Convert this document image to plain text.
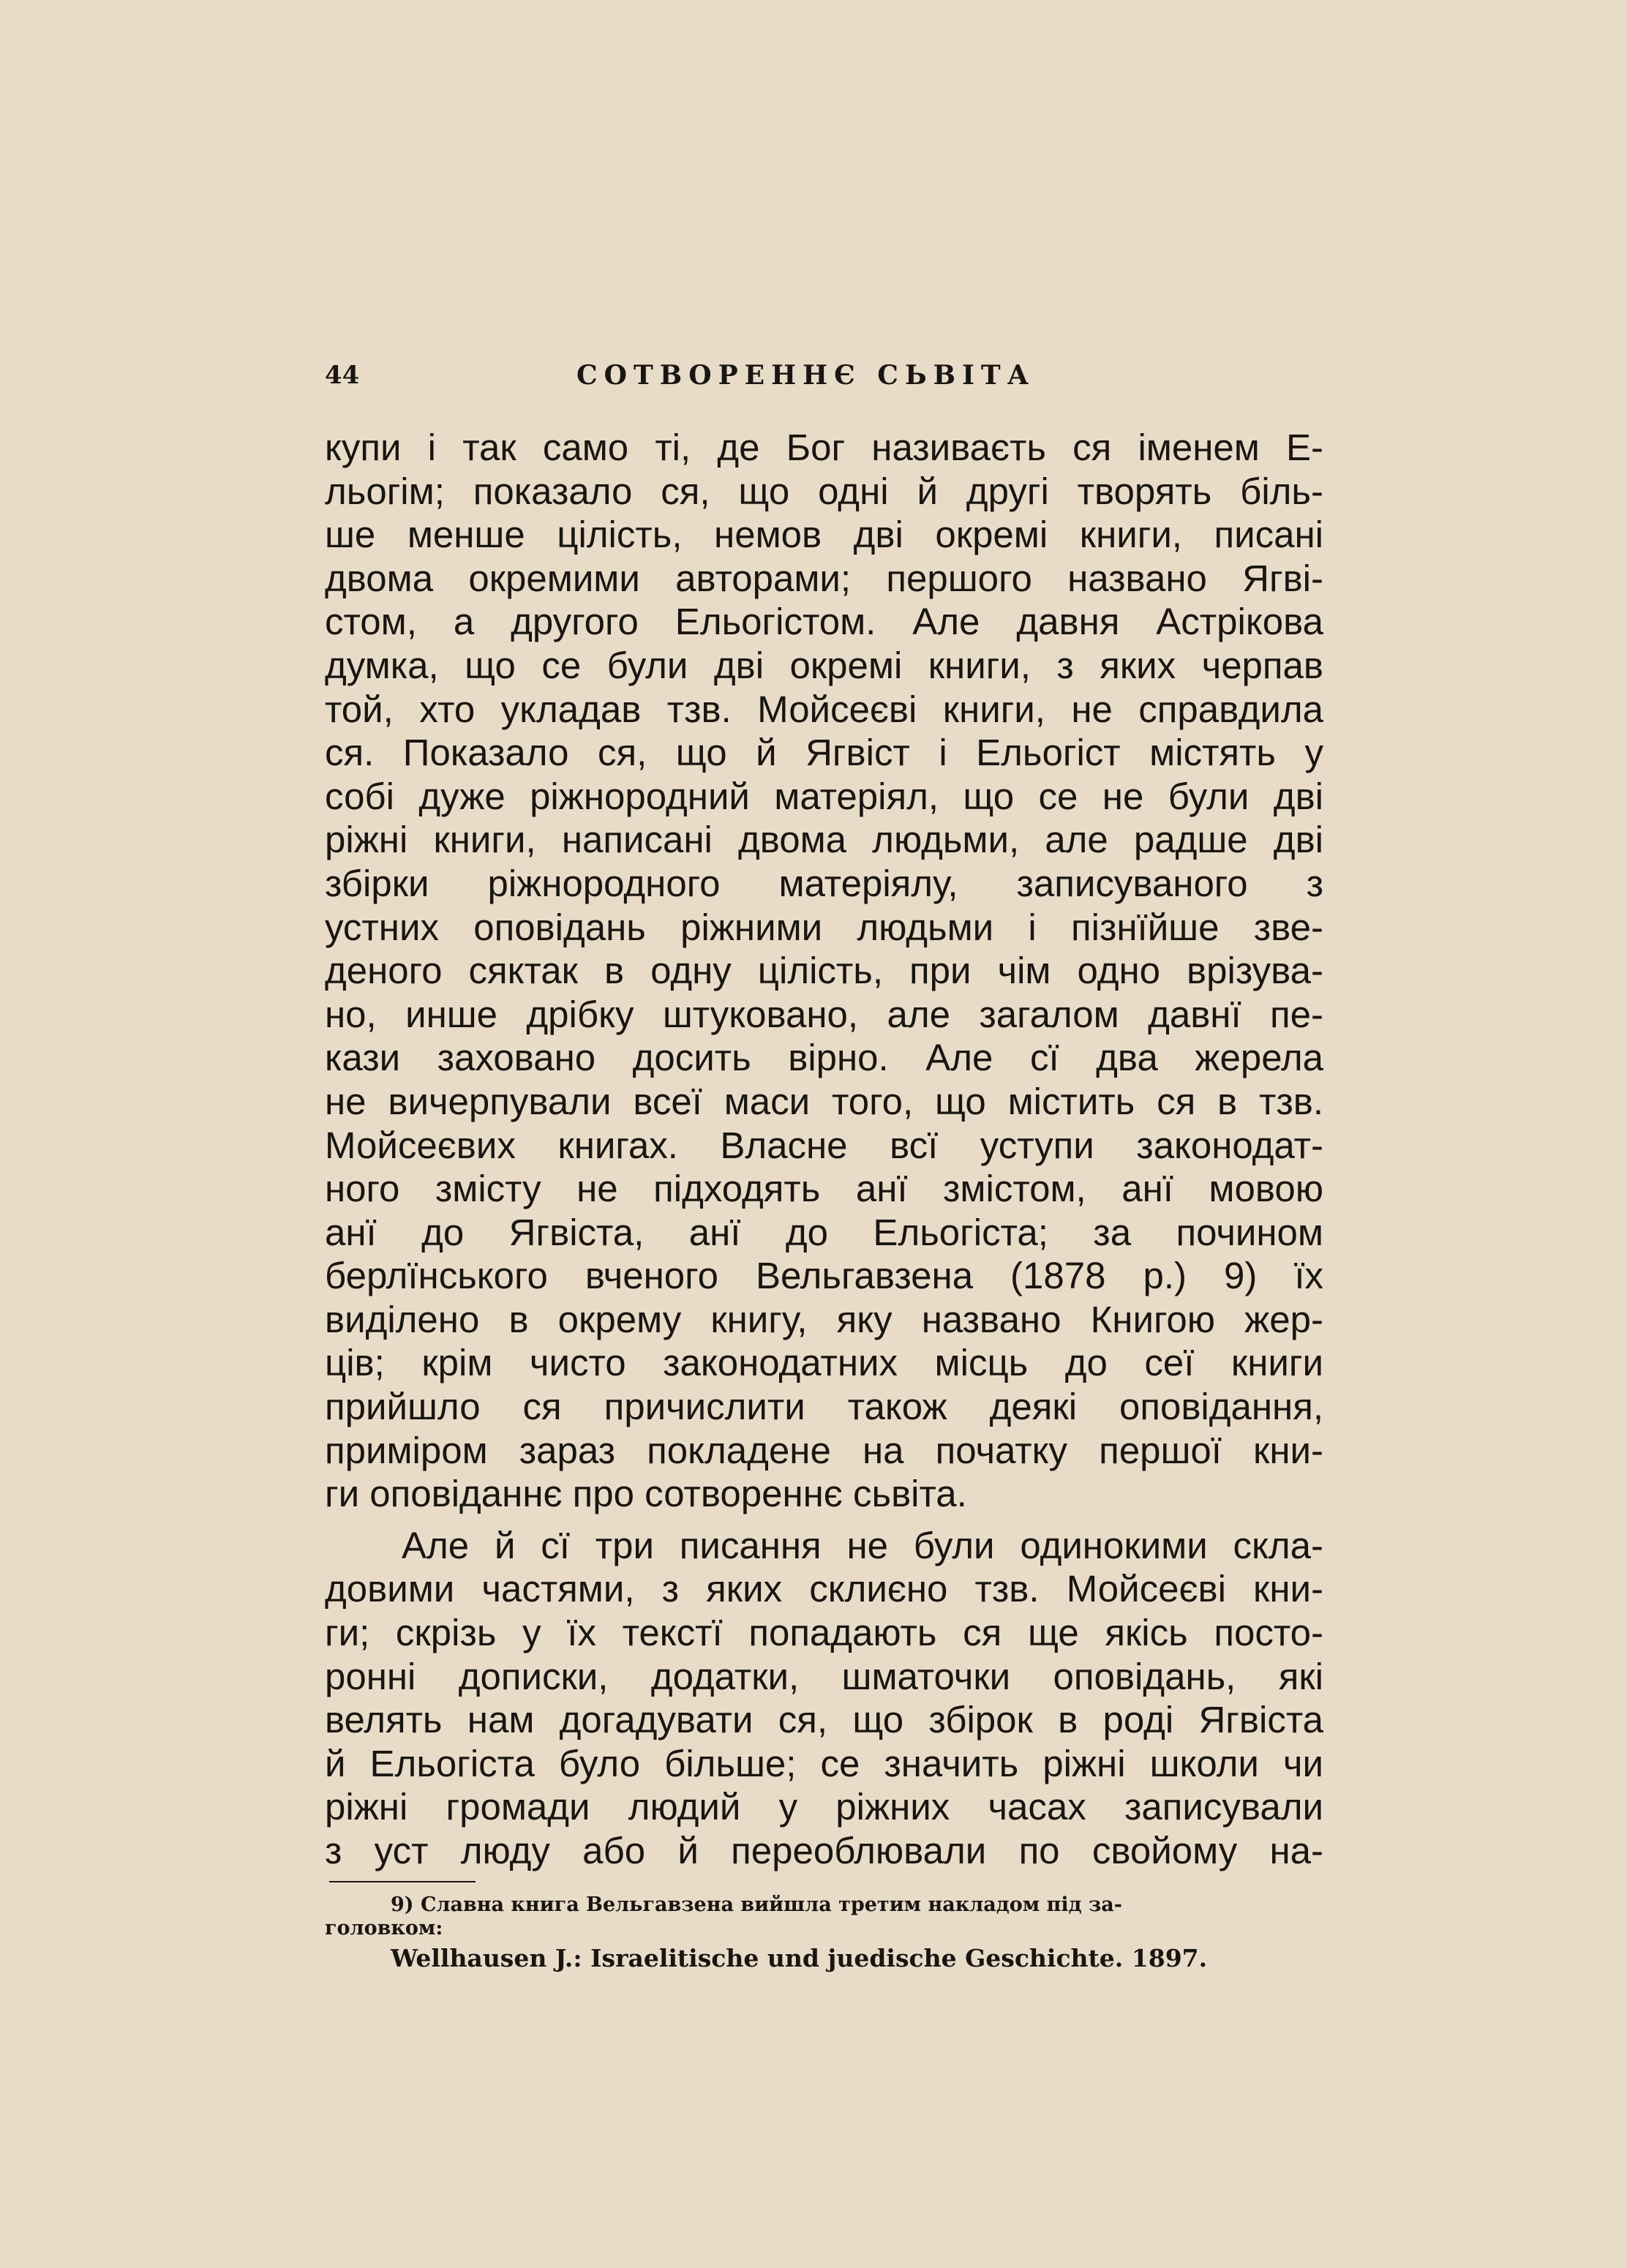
44	СОТВОРЕННЄ СЬВІТА
купи і так само ті, де Бог називаєть ся іменем Е-
льогім; показало ся, що одні й другі творять біль-
ше менше цілість, немов дві окремі книги, писані
двома окремими авторами; першого названо Ягві-
стом, а другого Ельогістом. Але давня Астрікова
думка, що се були дві окремі книги, з яких черпав
той, хто укладав тзв. Мойсеєві книги, не справдила
ся. Показало ся, що й Ягвіст і Ельогіст містять у
собі дуже ріжнородний матеріял, що се не були дві
ріжні книги, написані двома людьми, але радше дві
збірки ріжнородного матеріялу, записуваного з
устних оповідань ріжними людьми і пізнїйше зве-
деного сяктак в одну цілість, при чім одно врізува-
но, инше дрібку штуковано, але загалом давнї пе-
кази заховано досить вірно. Але сї два жерела
не вичерпували всеї маси того, що містить ся в тзв.
Мойсеєвих книгах. Власне всї уступи законодат-
ного змісту не підходять анї змістом, анї мовою
анї до Ягвіста, анї до Ельогіста; за почином
берлїнського вченого Вельгавзена (1878 р.) 9) їх
виділено в окрему книгу, яку названо Книгою жер-
ців; крім чисто законодатних місць до сеї книги
прийшло ся причислити також деякі оповідання,
приміром зараз покладене на початку першої кни-
ги оповіданнє про сотвореннє сьвіта.
Але й сї три писання не були одинокими скла-
довими частями, з яких склиєно тзв. Мойсеєві кни-
ги; скрізь у їх текстї попадають ся ще якісь посто-
ронні дописки, додатки, шматочки оповідань, які
велять нам догадувати ся, що збірок в роді Ягвіста
й Ельогіста було більше; се значить ріжні школи чи
ріжні громади людий у ріжних часах записували
з уст люду або й переоблювали по свойому на-
9) Славна книга Вельгавзена вийшла третим накладом під за-
головком:
Wellhausen J.: Israelitische und juedische Geschichte. 1897.
